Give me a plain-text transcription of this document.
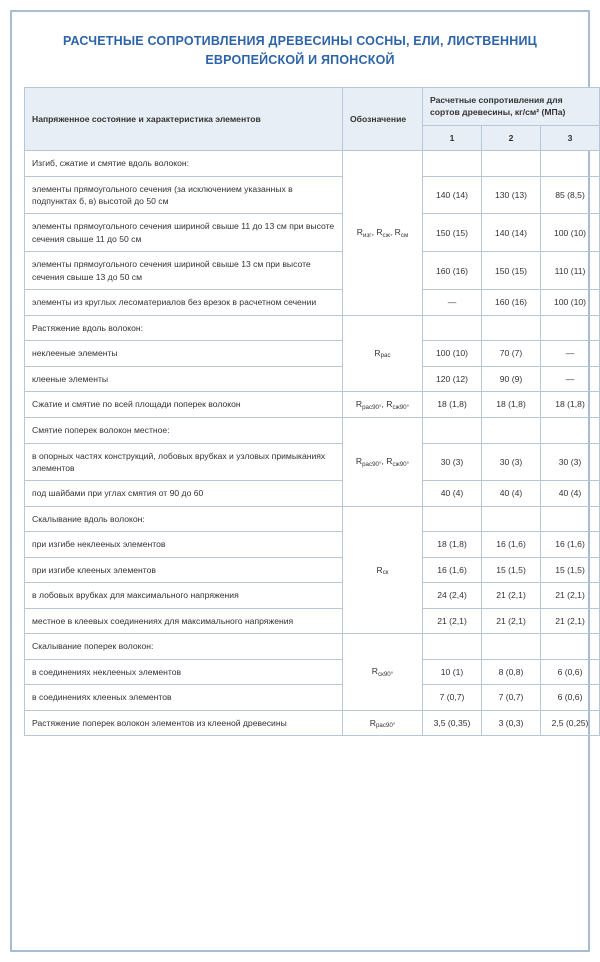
РАСЧЕТНЫЕ СОПРОТИВЛЕНИЯ ДРЕВЕСИНЫ СОСНЫ, ЕЛИ, ЛИСТВЕННИЦ ЕВРОПЕЙСКОЙ И ЯПОНСКОЙ
Напряженное состояние и характеристика элементов	Обозначение	Расчетные сопротивления для сортов древесины, кг/см² (МПа)		
		1	2	3
Изгиб, сжатие и смятие вдоль волокон:	$R_{изг}$, $R_{сж}$, $R_{см}$			
элементы прямоугольного сечения (за исключением указанных в подпунктах б, в) высотой до 50 см		140 (14)	130 (13)	85 (8,5)
элементы прямоугольного сечения шириной свыше 11 до 13 см при высоте сечения свыше 11 до 50 см		150 (15)	140 (14)	100 (10)
элементы прямоугольного сечения шириной свыше 13 см при высоте сечения свыше 13 до 50 см		160 (16)	150 (15)	110 (11)
элементы из круглых лесоматериалов без врезок в расчетном сечении		—	160 (16)	100 (10)
Растяжение вдоль волокон:	$R_{рас}$			
неклееные элементы		100 (10)	70 (7)	—
клееные элементы		120 (12)	90 (9)	—
Сжатие и смятие по всей площади поперек волокон	$R_{рас90^\circ}$, $R_{сж90^\circ}$	18 (1,8)	18 (1,8)	18 (1,8)
Смятие поперек волокон местное:	$R_{рас90^\circ}$, $R_{сж90^\circ}$			
в опорных частях конструкций, лобовых врубках и узловых примыканиях элементов		30 (3)	30 (3)	30 (3)
под шайбами при углах смятия от 90 до 60		40 (4)	40 (4)	40 (4)
Скалывание вдоль волокон:	$R_{ск}$			
при изгибе неклееных элементов		18 (1,8)	16 (1,6)	16 (1,6)
при изгибе клееных элементов		16 (1,6)	15 (1,5)	15 (1,5)
в лобовых врубках для максимального напряжения		24 (2,4)	21 (2,1)	21 (2,1)
местное в клеевых соединениях для максимального напряжения		21 (2,1)	21 (2,1)	21 (2,1)
Скалывание поперек волокон:	$R_{ск90^\circ}$			
в соединениях неклееных элементов		10 (1)	8 (0,8)	6 (0,6)
в соединениях клееных элементов		7 (0,7)	7 (0,7)	6 (0,6)
Растяжение поперек волокон элементов из клееной древесины	$R_{рас90^\circ}$	3,5 (0,35)	3 (0,3)	2,5 (0,25)
